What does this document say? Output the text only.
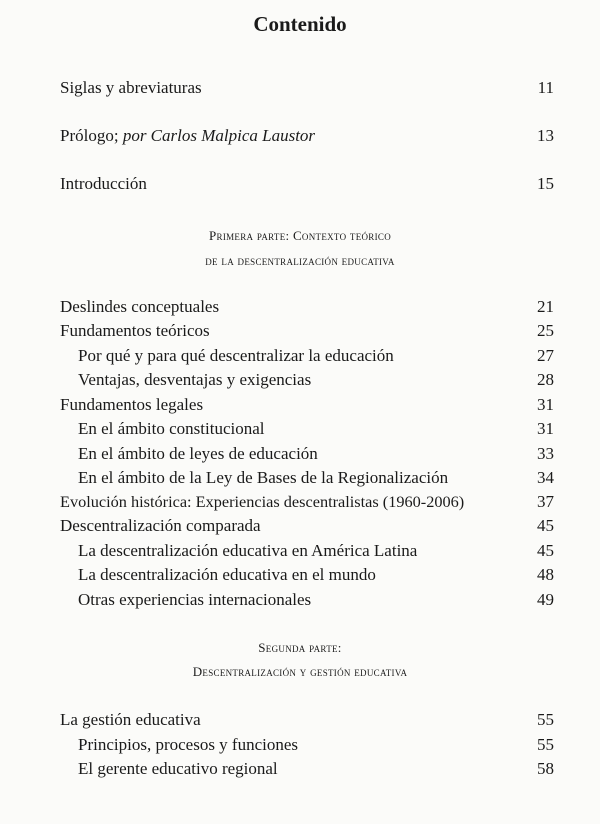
Contenido
Siglas y abreviaturas	11
Prólogo; por Carlos Malpica Laustor	13
Introducción	15
Primera parte: Contexto teórico
de la descentralización educativa
Deslindes conceptuales	21
Fundamentos teóricos	25
Por qué y para qué descentralizar la educación	27
Ventajas, desventajas y exigencias	28
Fundamentos legales	31
En el ámbito constitucional	31
En el ámbito de leyes de educación	33
En el ámbito de la Ley de Bases de la Regionalización	34
Evolución histórica: Experiencias descentralistas (1960-2006)	37
Descentralización comparada	45
La descentralización educativa en América Latina	45
La descentralización educativa en el mundo	48
Otras experiencias internacionales	49
Segunda parte:
Descentralización y gestión educativa
La gestión educativa	55
Principios, procesos y funciones	55
El gerente educativo regional	58
